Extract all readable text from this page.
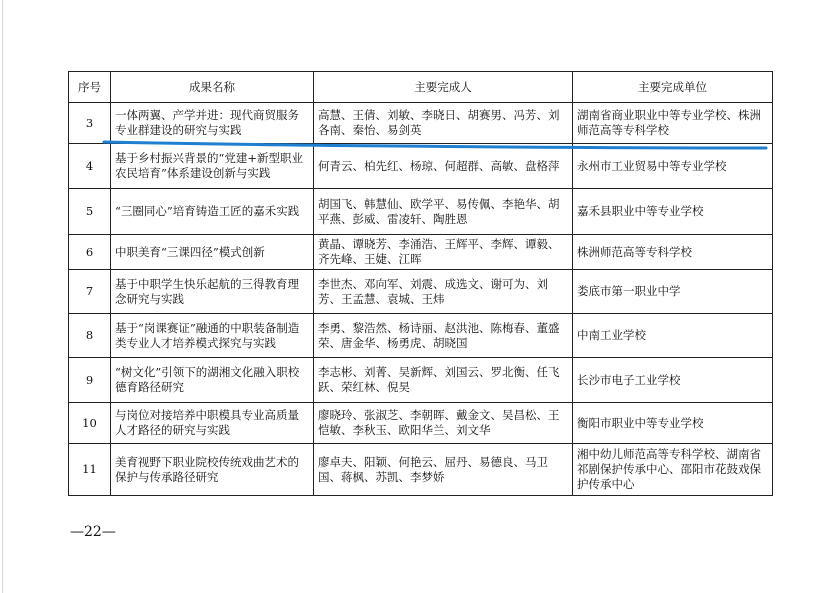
序号	成果名称	主要完成人	主要完成单位
3	一体两翼、产学并进：现代商贸服务专业群建设的研究与实践	高慧、王倩、刘敏、李晓日、胡赛男、冯芳、刘各南、秦怡、易剑英	湖南省商业职业中等专业学校、株洲师范高等专科学校
4	基于乡村振兴背景的“党建+新型职业农民培育”体系建设创新与实践	何青云、柏先红、杨琼、何超群、高敏、盘格萍	永州市工业贸易中等专业学校
5	“三圈同心”培育铸造工匠的嘉禾实践	胡国飞、韩慧仙、欧学平、易传佩、李艳华、胡平燕、彭威、雷凌轩、陶胜恩	嘉禾县职业中等专业学校
6	中职美育“三课四径”模式创新	黄晶、谭晓芳、李涌浩、王辉平、李辉、谭毅、齐先峰、王婕、江晖	株洲师范高等专科学校
7	基于中职学生快乐起航的三得教育理念研究与实践	李世杰、邓向军、刘震、成选文、谢可为、刘芳、王孟慧、袁城、王炜	娄底市第一职业中学
8	基于“岗课赛证”融通的中职装备制造类专业人才培养模式探究与实践	李勇、黎浩然、杨诗丽、赵洪池、陈梅春、董盛荣、唐金华、杨勇虎、胡晓国	中南工业学校
9	“树文化”引领下的湖湘文化融入职校德育路径研究	李志彬、刘菁、吴新辉、刘国云、罗北衡、任飞跃、荣红林、倪昊	长沙市电子工业学校
10	与岗位对接培养中职模具专业高质量人才路径的研究与实践	廖晓玲、张淑芝、李朝晖、戴金文、吴昌松、王恺敏、李秋玉、欧阳华兰、刘文华	衡阳市职业中等专业学校
11	美育视野下职业院校传统戏曲艺术的保护与传承路径研究	廖卓夫、阳颖、何艳云、屈丹、易德良、马卫国、蒋枫、苏凯、李梦娇	湘中幼儿师范高等专科学校、湖南省祁剧保护传承中心、邵阳市花鼓戏保护传承中心
—22—
